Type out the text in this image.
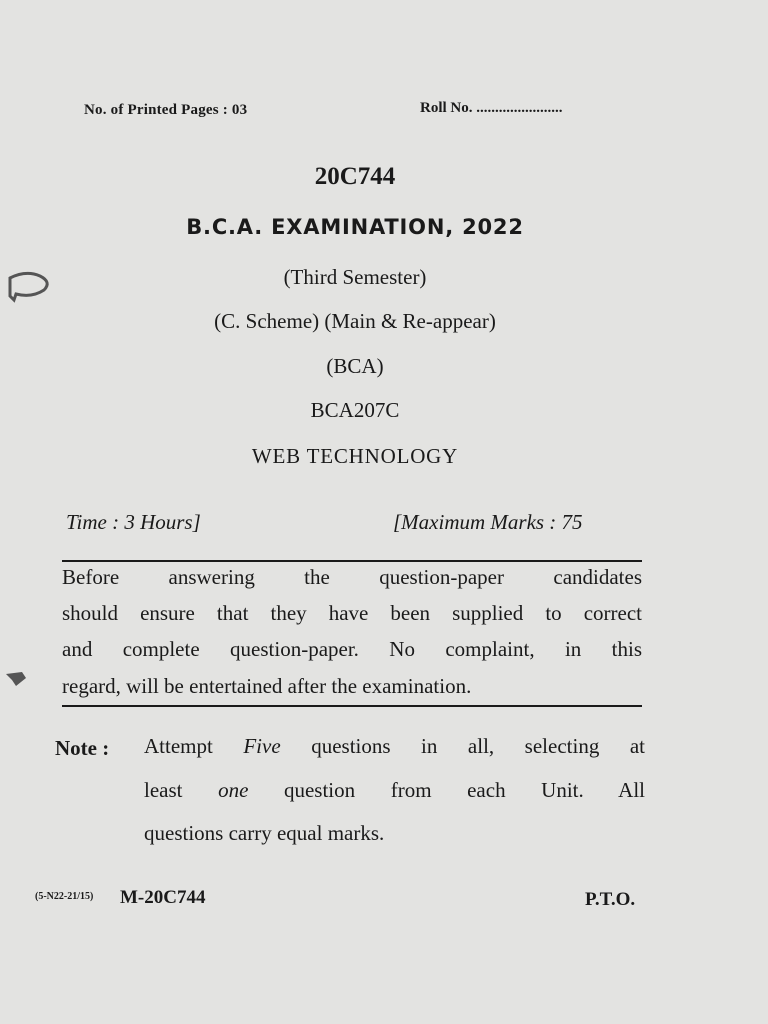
No. of Printed Pages : 03	Roll No. .......................
20C744
B.C.A. EXAMINATION, 2022
(Third Semester)
(C. Scheme) (Main & Re-appear)
(BCA)
BCA207C
WEB TECHNOLOGY
Time : 3 Hours]	[Maximum Marks : 75
Before answering the question-paper candidates
should ensure that they have been supplied to correct
and complete question-paper. No complaint, in this
regard, will be entertained after the examination.
Note : Attempt Five questions in all, selecting at
least one question from each Unit. All
questions carry equal marks.
(5-N22-21/15) M-20C744	P.T.O.
